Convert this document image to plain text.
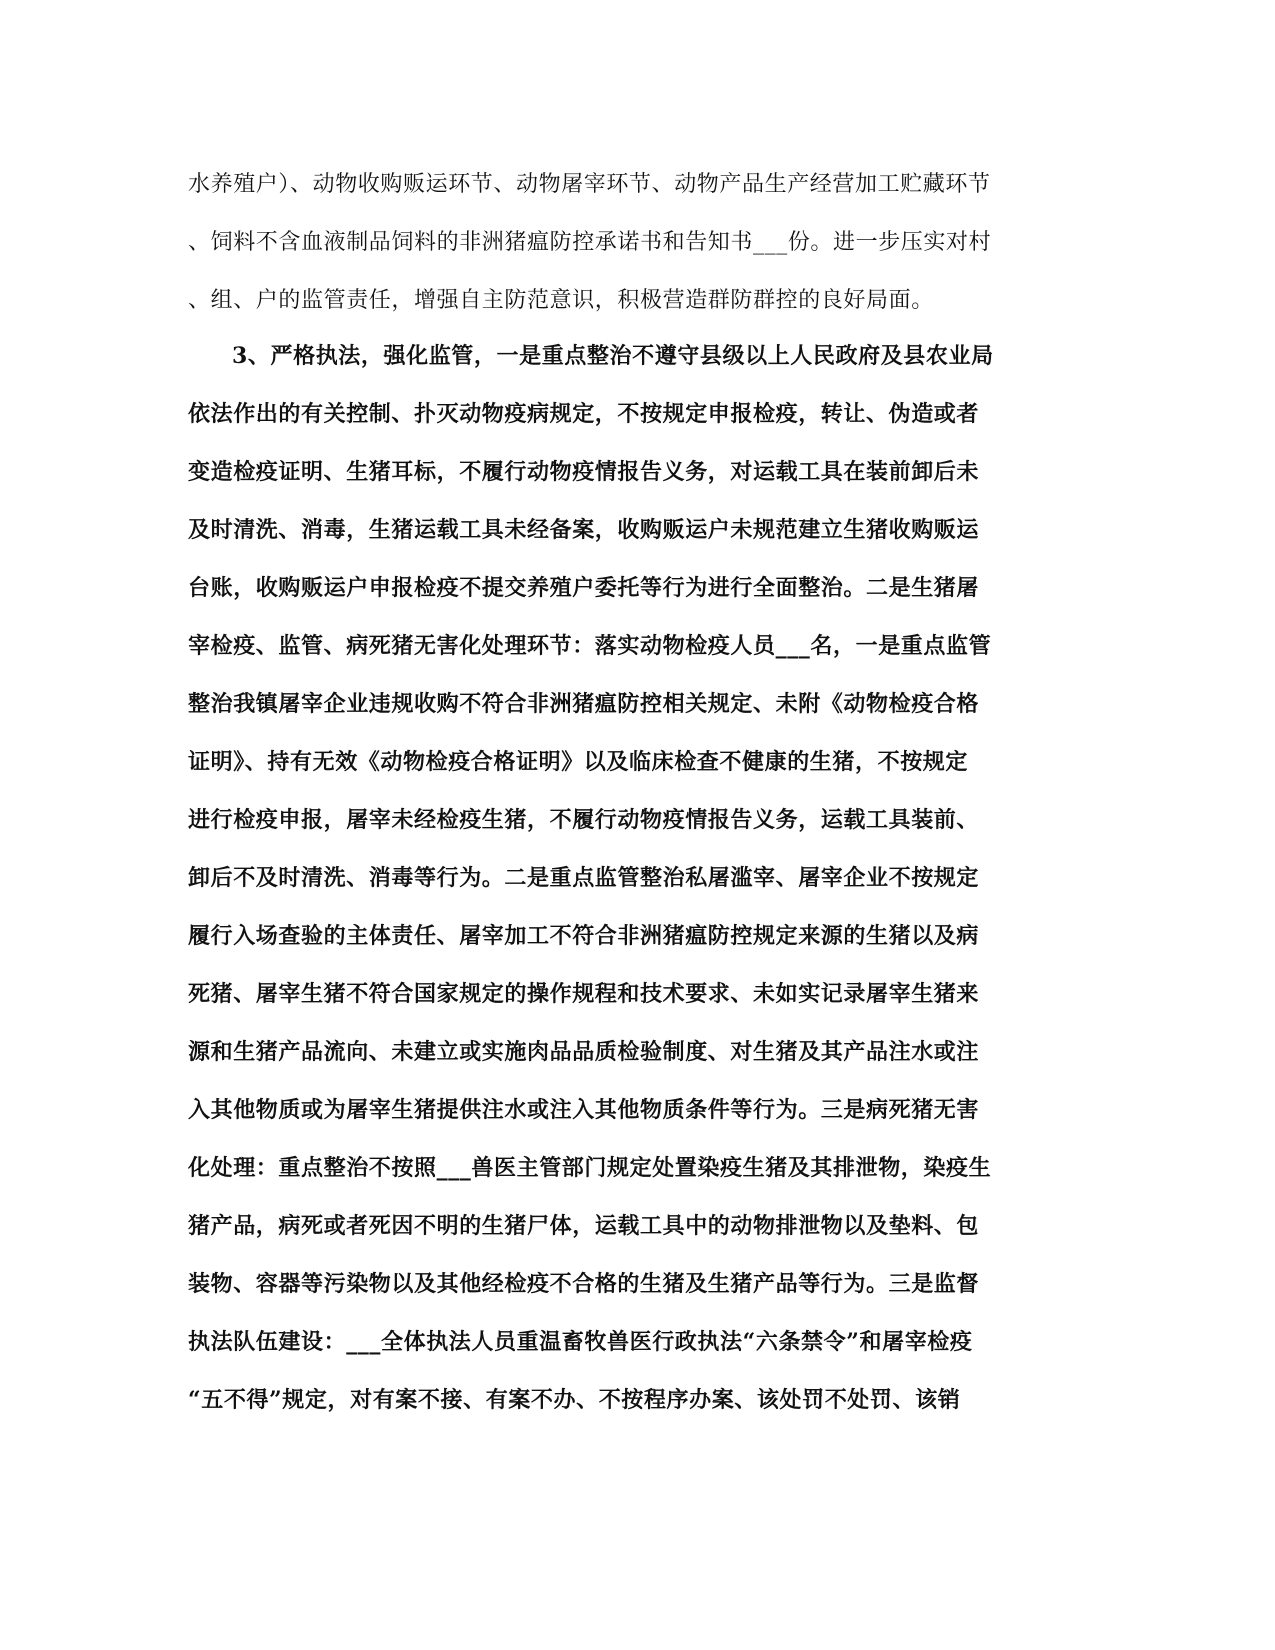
水养殖户）、动物收购贩运环节、动物屠宰环节、动物产品生产经营加工贮藏环节
、饲料不含血液制品饲料的非洲猪瘟防控承诺书和告知书___份。进一步压实对村
、组、户的监管责任，增强自主防范意识，积极营造群防群控的良好局面。
3、严格执法，强化监管，一是重点整治不遵守县级以上人民政府及县农业局
依法作出的有关控制、扑灭动物疫病规定，不按规定申报检疫，转让、伪造或者
变造检疫证明、生猪耳标，不履行动物疫情报告义务，对运载工具在装前卸后未
及时清洗、消毒，生猪运载工具未经备案，收购贩运户未规范建立生猪收购贩运
台账，收购贩运户申报检疫不提交养殖户委托等行为进行全面整治。二是生猪屠
宰检疫、监管、病死猪无害化处理环节：落实动物检疫人员___名，一是重点监管
整治我镇屠宰企业违规收购不符合非洲猪瘟防控相关规定、未附《动物检疫合格
证明》、持有无效《动物检疫合格证明》以及临床检查不健康的生猪，不按规定
进行检疫申报，屠宰未经检疫生猪，不履行动物疫情报告义务，运载工具装前、
卸后不及时清洗、消毒等行为。二是重点监管整治私屠滥宰、屠宰企业不按规定
履行入场查验的主体责任、屠宰加工不符合非洲猪瘟防控规定来源的生猪以及病
死猪、屠宰生猪不符合国家规定的操作规程和技术要求、未如实记录屠宰生猪来
源和生猪产品流向、未建立或实施肉品品质检验制度、对生猪及其产品注水或注
入其他物质或为屠宰生猪提供注水或注入其他物质条件等行为。三是病死猪无害
化处理：重点整治不按照___兽医主管部门规定处置染疫生猪及其排泄物，染疫生
猪产品，病死或者死因不明的生猪尸体，运载工具中的动物排泄物以及垫料、包
装物、容器等污染物以及其他经检疫不合格的生猪及生猪产品等行为。三是监督
执法队伍建设：___全体执法人员重温畜牧兽医行政执法“六条禁令”和屠宰检疫
“五不得”规定，对有案不接、有案不办、不按程序办案、该处罚不处罚、该销
